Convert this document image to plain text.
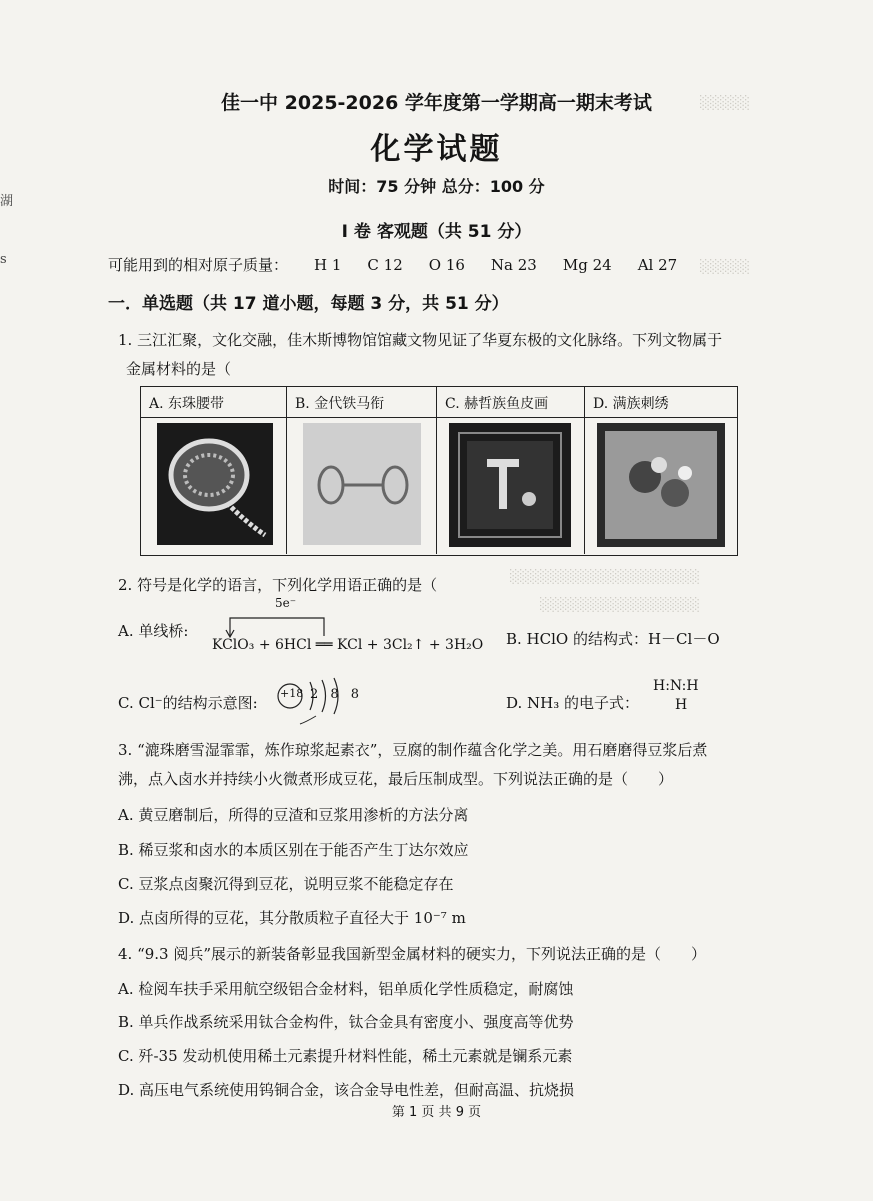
湖
s
░░░░░
░░░░░
░░░░░░░░░░░░░░░░░░░
░░░░░░░░░░░░░░░░
佳一中 2025-2026 学年度第一学期高一期末考试
化学试题
时间：75 分钟 总分：100 分
I 卷 客观题（共 51 分）
可能用到的相对原子质量： H 1 C 12 O 16 Na 23 Mg 24 Al 27
一．单选题（共 17 道小题，每题 3 分，共 51 分）
1. 三江汇聚，文化交融，佳木斯博物馆馆藏文物见证了华夏东极的文化脉络。下列文物属于
金属材料的是（
A. 东珠腰带	B. 金代铁马衔	C. 赫哲族鱼皮画	D. 满族刺绣
2. 符号是化学的语言，下列化学用语正确的是（
A. 单线桥:
5e⁻
KClO₃ + 6HCl ══ KCl + 3Cl₂↑ + 3H₂O B. HClO 的结构式：H－Cl－O
C. Cl⁻的结构示意图:
+18 2 8 8	D. NH₃ 的电子式：
H:N:H
H
3. “漉珠磨雪湿霏霏，炼作琼浆起素衣”，豆腐的制作蕴含化学之美。用石磨磨得豆浆后煮
沸，点入卤水并持续小火微煮形成豆花，最后压制成型。下列说法正确的是（　　）
A. 黄豆磨制后，所得的豆渣和豆浆用渗析的方法分离
B. 稀豆浆和卤水的本质区别在于能否产生丁达尔效应
C. 豆浆点卤聚沉得到豆花，说明豆浆不能稳定存在
D. 点卤所得的豆花，其分散质粒子直径大于 10⁻⁷ m
4. “9.3 阅兵”展示的新装备彰显我国新型金属材料的硬实力，下列说法正确的是（　　）
A. 检阅车扶手采用航空级铝合金材料，铝单质化学性质稳定，耐腐蚀
B. 单兵作战系统采用钛合金构件，钛合金具有密度小、强度高等优势
C. 歼-35 发动机使用稀土元素提升材料性能，稀土元素就是镧系元素
D. 高压电气系统使用钨铜合金，该合金导电性差，但耐高温、抗烧损
第 1 页 共 9 页
